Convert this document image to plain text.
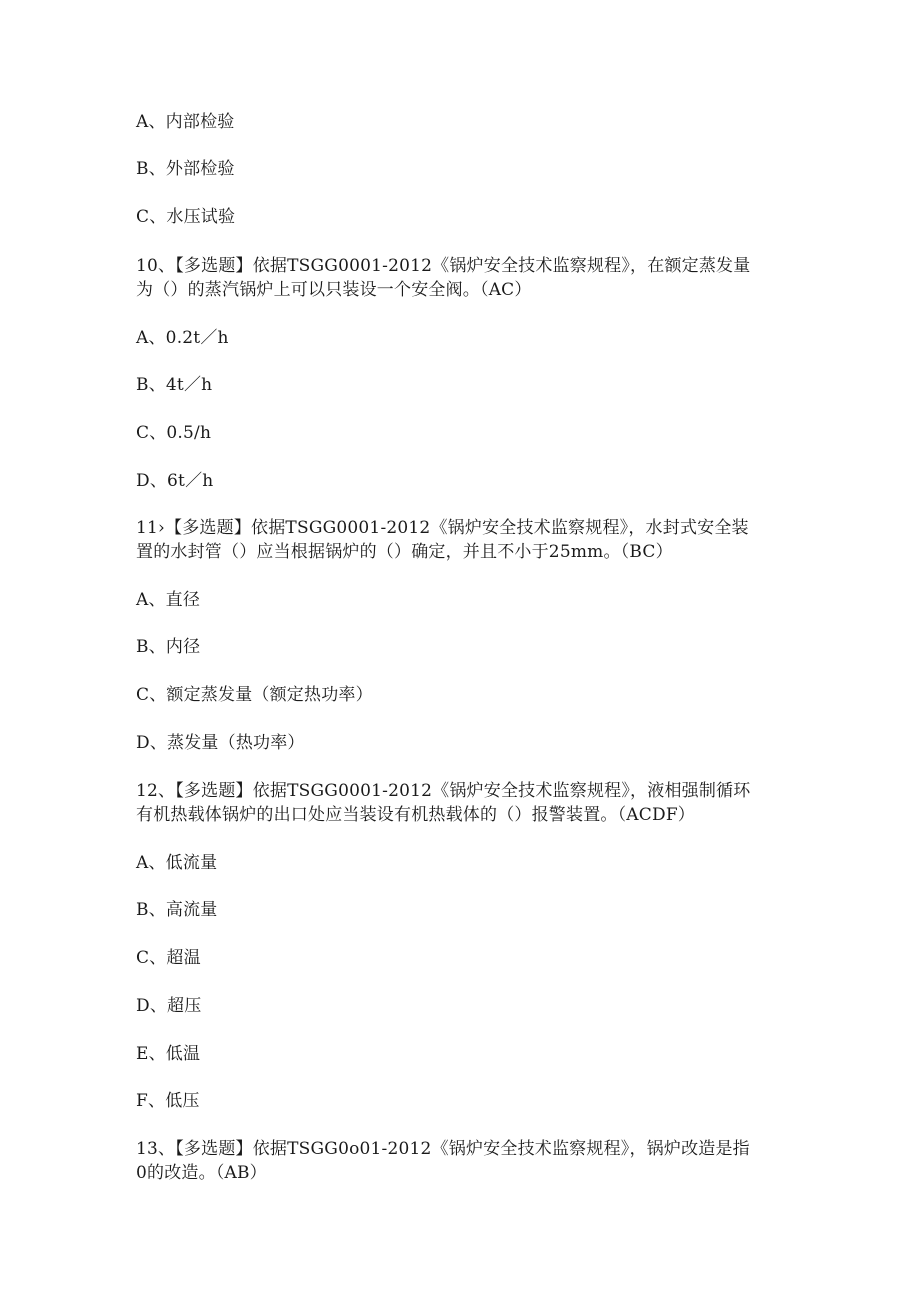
A、内部检验
B、外部检验
C、水压试验
10、【多选题】依据TSGG0001-2012《锅炉安全技术监察规程》，在额定蒸发量
为（）的蒸汽锅炉上可以只装设一个安全阀。（AC）
A、0.2t／h
B、4t／h
C、0.5/h
D、6t／h
11›【多选题】依据TSGG0001-2012《锅炉安全技术监察规程》，水封式安全装
置的水封管（）应当根据锅炉的（）确定，并且不小于25mm。（BC）
A、直径
B、内径
C、额定蒸发量（额定热功率）
D、蒸发量（热功率）
12、【多选题】依据TSGG0001-2012《锅炉安全技术监察规程》，液相强制循环
有机热载体锅炉的出口处应当装设有机热载体的（）报警装置。（ACDF）
A、低流量
B、高流量
C、超温
D、超压
E、低温
F、低压
13、【多选题】依据TSGG0o01-2012《锅炉安全技术监察规程》，锅炉改造是指
0的改造。（AB）
